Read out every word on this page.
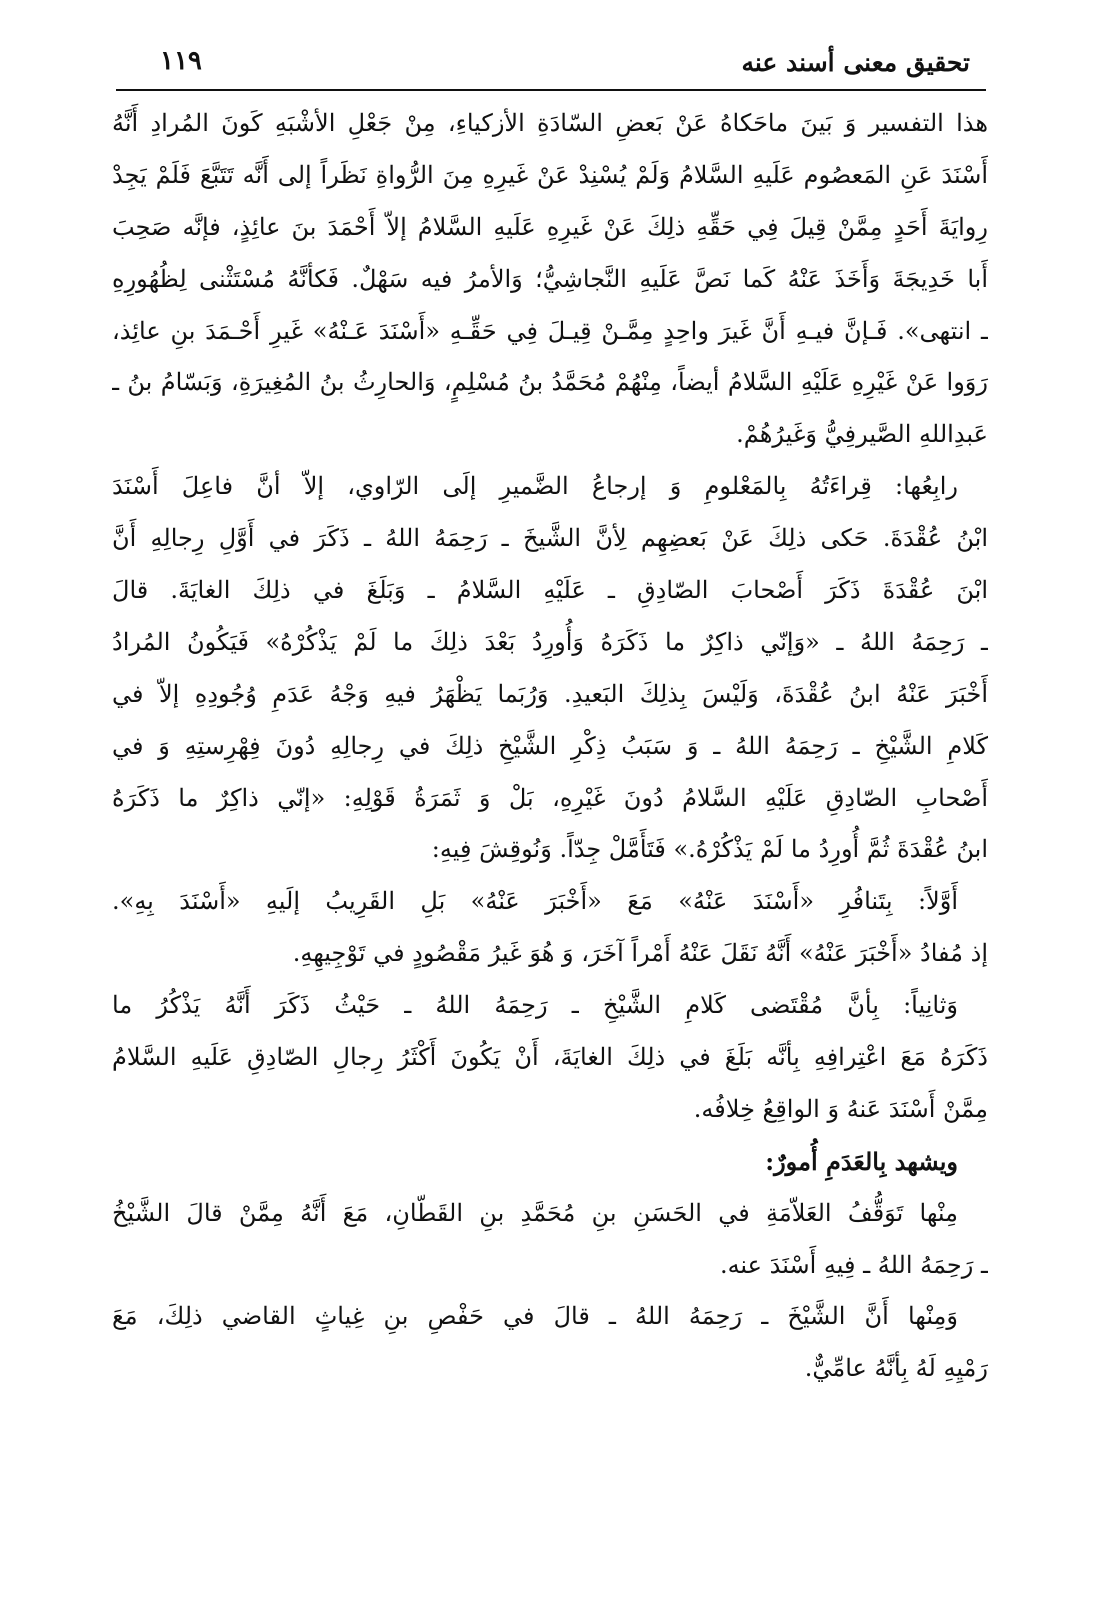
تحقيق معنى أسند عنه
١١٩
هذا التفسير وَ بَينَ ماحَكاهُ عَنْ بَعضِ السّادَةِ الأزكياءِ، مِنْ جَعْلِ الأشْبَهِ كَونَ المُرادِ أَنَّهُ
أَسْنَدَ عَنِ المَعصُوم عَلَيهِ السَّلامُ وَلَمْ يُسْنِدْ عَنْ غَيرِهِ مِنَ الرُّواةِ نَظَراً إلى أَنَّه تَتَبَّعَ فَلَمْ يَجِدْ
رِوايَةَ أَحَدٍ مِمَّنْ قِيلَ فِي حَقِّهِ ذلِكَ عَنْ غَيرِهِ عَلَيهِ السَّلامُ إلاّ أَحْمَدَ بنَ عائِذٍ، فإنَّه صَحِبَ
أَبا خَدِيجَةَ وَأَخَذَ عَنْهُ كَما نَصَّ عَلَيهِ النَّجاشِيُّ؛ وَالأمرُ فيه سَهْلٌ. فَكأنَّهُ مُسْتَثْنى لِظُهُورِهِ
ـ انتهى». فَـإنَّ فيـهِ أَنَّ غَيرَ واحِدٍ مِمَّـنْ قِيـلَ فِي حَقِّـهِ «أَسْنَدَ عَـنْهُ» غَيرِ أَحْـمَدَ بنِ عائِذ،
رَوَوا عَنْ غَيْرِهِ عَلَيْهِ السَّلامُ أيضاً، مِنْهُمْ مُحَمَّدُ بنُ مُسْلِمٍ، وَالحارِثُ بنُ المُغِيرَةِ، وَبَسّامُ بنُ ـ
عَبدِاللهِ الصَّيرفِيُّ وَغَيرُهُمْ.
رابِعُها: قِراءَتُهُ بِالمَعْلومِ وَ إرجاعُ الضَّميرِ إلَى الرّاوي، إلاّ أنَّ فاعِلَ أَسْنَدَ
ابْنُ عُقْدَةَ. حَكى ذلِكَ عَنْ بَعضِهِم لِأنَّ الشَّيخَ ـ رَحِمَهُ اللهُ ـ ذَكَرَ في أَوَّلِ رِجالِهِ أَنَّ
ابْنَ عُقْدَةَ ذَكَرَ أَصْحابَ الصّادِقِ ـ عَلَيْهِ السَّلامُ ـ وَبَلَغَ في ذلِكَ الغايَةَ. قالَ
ـ رَحِمَهُ اللهُ ـ «وَإنّي ذاكِرٌ ما ذَكَرَهُ وَأُورِدُ بَعْدَ ذلِكَ ما لَمْ يَذْكُرْهُ» فَيَكُونُ المُرادُ
أَخْبَرَ عَنْهُ ابنُ عُقْدَةَ، وَلَيْسَ بِذلِكَ البَعيدِ. وَرُبَما يَظْهَرُ فيهِ وَجْهُ عَدَمِ وُجُودِهِ إلاّ في
كَلامِ الشَّيْخِ ـ رَحِمَهُ اللهُ ـ وَ سَبَبُ ذِكْرِ الشَّيْخِ ذلِكَ في رِجالِهِ دُونَ فِهْرِستِهِ وَ في
أَصْحابِ الصّادِقِ عَلَيْهِ السَّلامُ دُونَ غَيْرِهِ، بَلْ وَ ثَمَرَةُ قَوْلِهِ: «إنّي ذاكِرٌ ما ذَكَرَهُ
ابنُ عُقْدَةَ ثُمَّ أُورِدُ ما لَمْ يَذْكُرْهُ.» فَتَأَمَّلْ جِدّاً. وَنُوقِشَ فِيهِ:
أَوَّلاً: بِتَنافُرِ «أَسْنَدَ عَنْهُ» مَعَ «أَخْبَرَ عَنْهُ» بَلِ القَرِيبُ إلَيهِ «أَسْنَدَ بِهِ».
إذ مُفادُ «أَخْبَرَ عَنْهُ» أَنَّهُ نَقَلَ عَنْهُ أَمْراً آخَرَ، وَ هُوَ غَيرُ مَقْصُودٍ في تَوْجِيهِهِ.
وَثانِياً: بِأنَّ مُقْتَضى كَلامِ الشَّيْخِ ـ رَحِمَهُ اللهُ ـ حَيْثُ ذَكَرَ أَنَّهُ يَذْكُرُ ما
ذَكَرَهُ مَعَ اعْتِرافِهِ بِأنَّه بَلَغَ في ذلِكَ الغايَةَ، أَنْ يَكُونَ أَكْثَرُ رِجالِ الصّادِقِ عَلَيهِ السَّلامُ
مِمَّنْ أَسْنَدَ عَنهُ وَ الواقِعُ خِلافُه.
ويشهد بِالعَدَمِ أُمورٌ:
مِنْها تَوَقُّفُ العَلاّمَةِ في الحَسَنِ بنِ مُحَمَّدِ بنِ القَطّانِ، مَعَ أَنَّهُ مِمَّنْ قالَ الشَّيْخُ
ـ رَحِمَهُ اللهُ ـ فِيهِ أَسْنَدَ عنه.
وَمِنْها أَنَّ الشَّيْخَ ـ رَحِمَهُ اللهُ ـ قالَ في حَفْصِ بنِ غِياثٍ القاضي ذلِكَ، مَعَ
رَمْيِهِ لَهُ بِأنَّهُ عامِّيٌّ.
